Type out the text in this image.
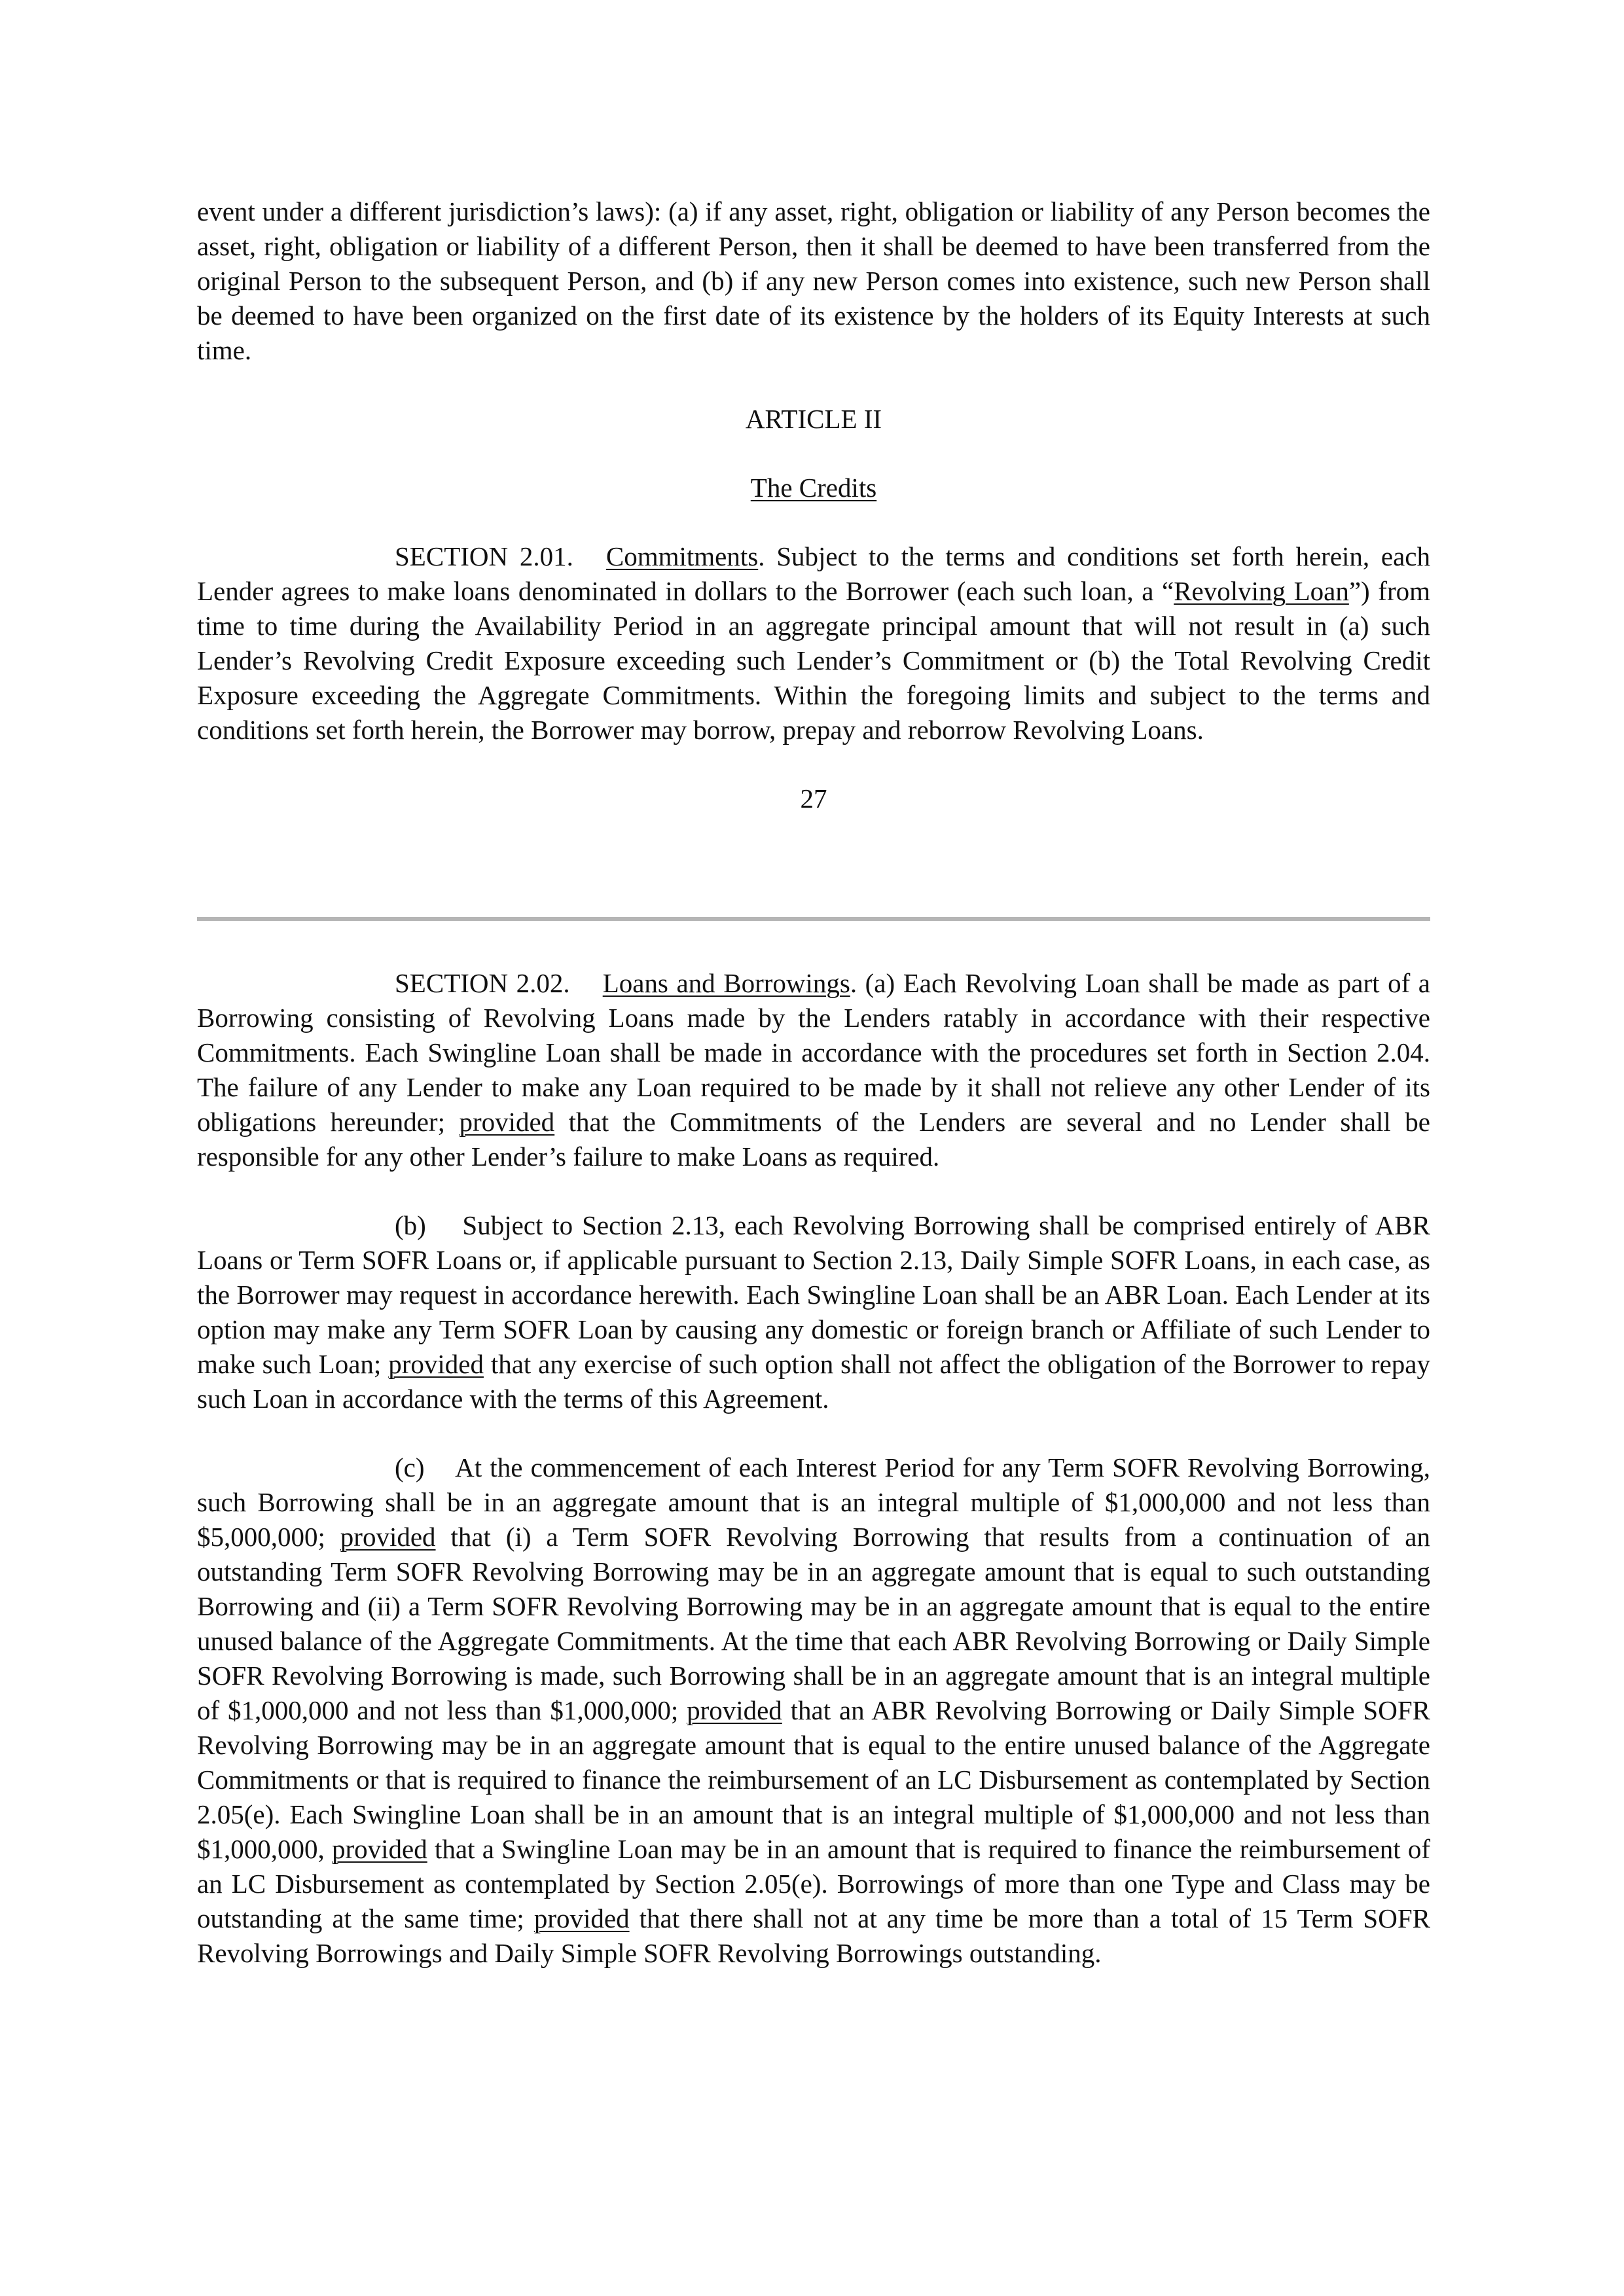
event under a different jurisdiction’s laws): (a) if any asset, right, obligation or liability of any Person becomes the asset, right, obligation or liability of a different Person, then it shall be deemed to have been transferred from the original Person to the subsequent Person, and (b) if any new Person comes into existence, such new Person shall be deemed to have been organized on the first date of its existence by the holders of its Equity Interests at such time.

ARTICLE II

The Credits

SECTION 2.01. Commitments. Subject to the terms and conditions set forth herein, each Lender agrees to make loans denominated in dollars to the Borrower (each such loan, a “Revolving Loan”) from time to time during the Availability Period in an aggregate principal amount that will not result in (a) such Lender’s Revolving Credit Exposure exceeding such Lender’s Commitment or (b) the Total Revolving Credit Exposure exceeding the Aggregate Commitments. Within the foregoing limits and subject to the terms and conditions set forth herein, the Borrower may borrow, prepay and reborrow Revolving Loans.

27

SECTION 2.02. Loans and Borrowings. (a) Each Revolving Loan shall be made as part of a Borrowing consisting of Revolving Loans made by the Lenders ratably in accordance with their respective Commitments. Each Swingline Loan shall be made in accordance with the procedures set forth in Section 2.04. The failure of any Lender to make any Loan required to be made by it shall not relieve any other Lender of its obligations hereunder; provided that the Commitments of the Lenders are several and no Lender shall be responsible for any other Lender’s failure to make Loans as required.

(b)    Subject to Section 2.13, each Revolving Borrowing shall be comprised entirely of ABR Loans or Term SOFR Loans or, if applicable pursuant to Section 2.13, Daily Simple SOFR Loans, in each case, as the Borrower may request in accordance herewith. Each Swingline Loan shall be an ABR Loan. Each Lender at its option may make any Term SOFR Loan by causing any domestic or foreign branch or Affiliate of such Lender to make such Loan; provided that any exercise of such option shall not affect the obligation of the Borrower to repay such Loan in accordance with the terms of this Agreement.

(c)    At the commencement of each Interest Period for any Term SOFR Revolving Borrowing, such Borrowing shall be in an aggregate amount that is an integral multiple of $1,000,000 and not less than $5,000,000; provided that (i) a Term SOFR Revolving Borrowing that results from a continuation of an outstanding Term SOFR Revolving Borrowing may be in an aggregate amount that is equal to such outstanding Borrowing and (ii) a Term SOFR Revolving Borrowing may be in an aggregate amount that is equal to the entire unused balance of the Aggregate Commitments. At the time that each ABR Revolving Borrowing or Daily Simple SOFR Revolving Borrowing is made, such Borrowing shall be in an aggregate amount that is an integral multiple of $1,000,000 and not less than $1,000,000; provided that an ABR Revolving Borrowing or Daily Simple SOFR Revolving Borrowing may be in an aggregate amount that is equal to the entire unused balance of the Aggregate Commitments or that is required to finance the reimbursement of an LC Disbursement as contemplated by Section 2.05(e). Each Swingline Loan shall be in an amount that is an integral multiple of $1,000,000 and not less than $1,000,000, provided that a Swingline Loan may be in an amount that is required to finance the reimbursement of an LC Disbursement as contemplated by Section 2.05(e). Borrowings of more than one Type and Class may be outstanding at the same time; provided that there shall not at any time be more than a total of 15 Term SOFR Revolving Borrowings and Daily Simple SOFR Revolving Borrowings outstanding.
